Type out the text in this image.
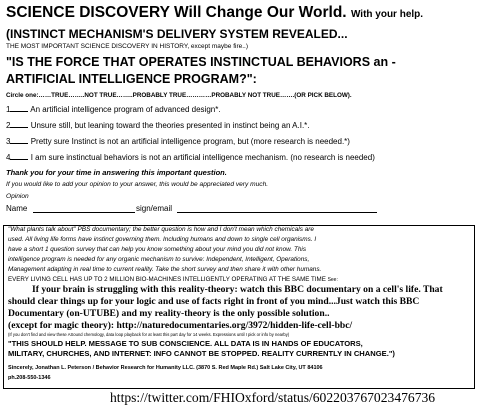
SCIENCE DISCOVERY Will Change Our World. With your help.
(INSTINCT MECHANISM'S DELIVERY SYSTEM REVEALED...
THE MOST IMPORTANT SCIENCE DISCOVERY IN HISTORY, except maybe fire..)
"IS THE FORCE THAT OPERATES INSTINCTUAL BEHAVIORS an -
ARTIFICIAL INTELLIGENCE PROGRAM?":
Circle one:……TRUE……..NOT TRUE……..PROBABLY TRUE…………PROBABLY NOT TRUE…….(OR PICK BELOW).
1 An artificial intelligence program of advanced design*.
2	Unsure still, but leaning toward the theories presented in instinct being an A.I.*.
3	Pretty sure Instinct is not an artificial intelligence program, but (more research is needed.*)
4	I am sure instinctual behaviors is not an artificial intelligence mechanism. (no research is needed)
Thank you for your time in answering this important question.
If you would like to add your opinion to your answer, this would be appreciated very much.
Opinion
Name	sign/email
"What plants talk about" PBS documentary; the better question is how and I don't mean which chemicals are
used. All living life forms have instinct governing them. Including humans and down to single cell organisms. I
have a short 1 question survey that can help you know something about your mind you did not know. This
intelligence program is needed for any organic mechanism to survive: Independent, Intelligent, Operations,
Management adapting in real time to current reality. Take the short survey and then share it with other humans.
EVERY LIVING CELL HAS UP TO 2 MILLION BIO-MACHINES INTELLIGENTLY OPERATING AT THE SAME TIME See:
If your brain is struggling with this reality-theory: watch this BBC documentary on a cell's life. That
should clear things up for your logic and use of facts right in front of you mind...Just watch this BBC
Documentary (on-UTUBE) and my reality-theory is the only possible solution..
(except for magic theory): http://naturedocumentaries.org/3972/hidden-life-cell-bbc/
(If you don't find and view these ASound chemology, data loop playback for at least this part day for 14 weeks. Expressions until I pick or info by nearby)
"THIS SHOULD HELP. MESSAGE TO SUB CONSCIENCE. ALL DATA IS IN HANDS OF EDUCATORS,
MILITARY, CHURCHES, AND INTERNET: INFO CANNOT BE STOPPED. REALITY CURRENTLY IN CHANGE.")
Sincerely, Jonathan L. Peterson / Behavior Research for Humanity LLC. (3870 S. Red Maple Rd.) Salt Lake City, UT 84106
ph.208-550-1346
https://twitter.com/FHIOxford/status/602203767023476736
